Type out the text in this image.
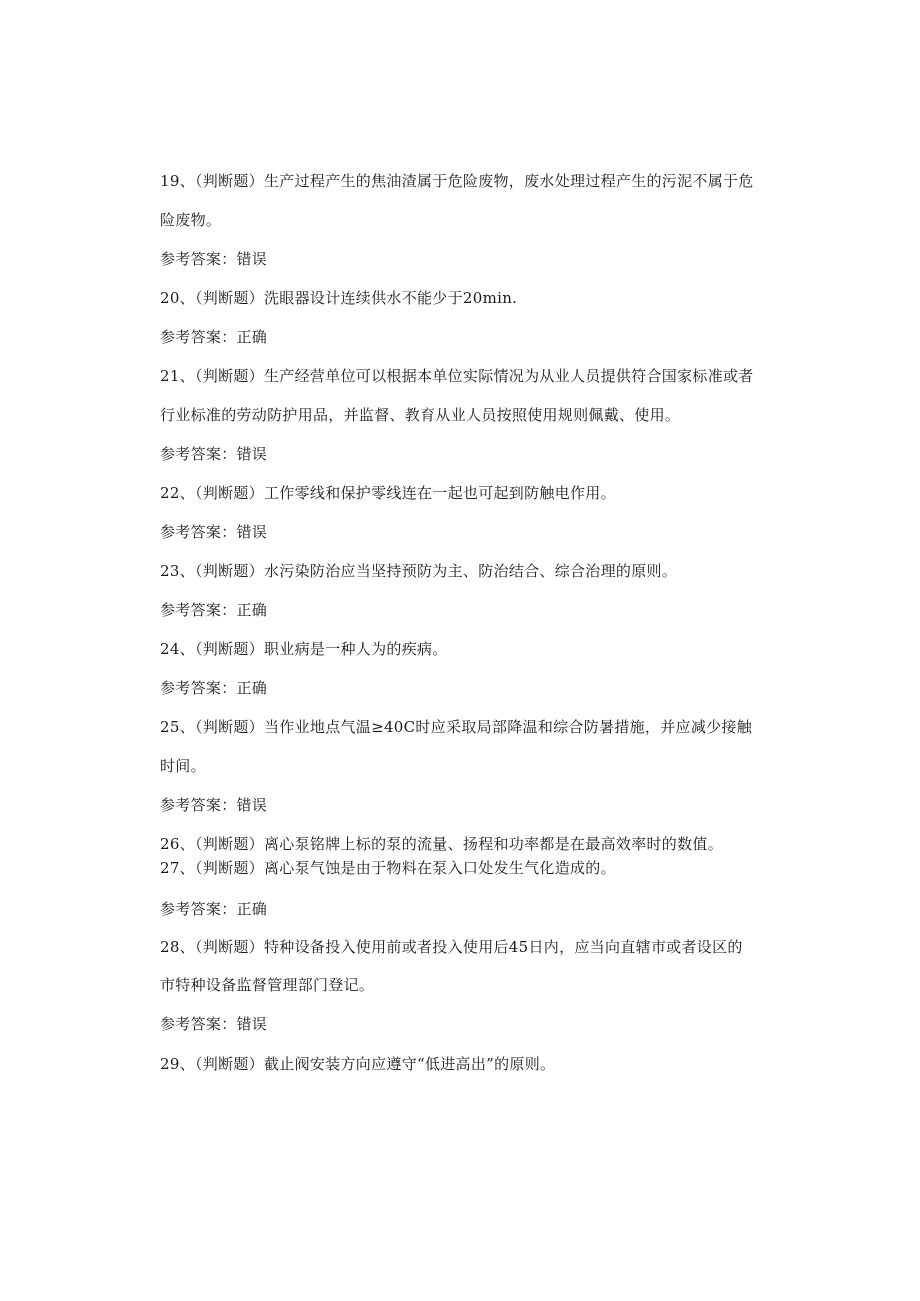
19、（判断题）生产过程产生的焦油渣属于危险废物，废水处理过程产生的污泥不属于危
险废物。
参考答案：错误
20、（判断题）洗眼器设计连续供水不能少于20min.
参考答案：正确
21、（判断题）生产经营单位可以根据本单位实际情况为从业人员提供符合国家标准或者
行业标准的劳动防护用品，并监督、教育从业人员按照使用规则佩戴、使用。
参考答案：错误
22、（判断题）工作零线和保护零线连在一起也可起到防触电作用。
参考答案：错误
23、（判断题）水污染防治应当坚持预防为主、防治结合、综合治理的原则。
参考答案：正确
24、（判断题）职业病是一种人为的疾病。
参考答案：正确
25、（判断题）当作业地点气温≥40C时应采取局部降温和综合防暑措施，并应减少接触
时间。
参考答案：错误
26、（判断题）离心泵铭牌上标的泵的流量、扬程和功率都是在最高效率时的数值。
27、（判断题）离心泵气蚀是由于物料在泵入口处发生气化造成的。
参考答案：正确
28、（判断题）特种设备投入使用前或者投入使用后45日内，应当向直辖市或者设区的
市特种设备监督管理部门登记。
参考答案：错误
29、（判断题）截止阀安装方向应遵守“低进高出”的原则。
